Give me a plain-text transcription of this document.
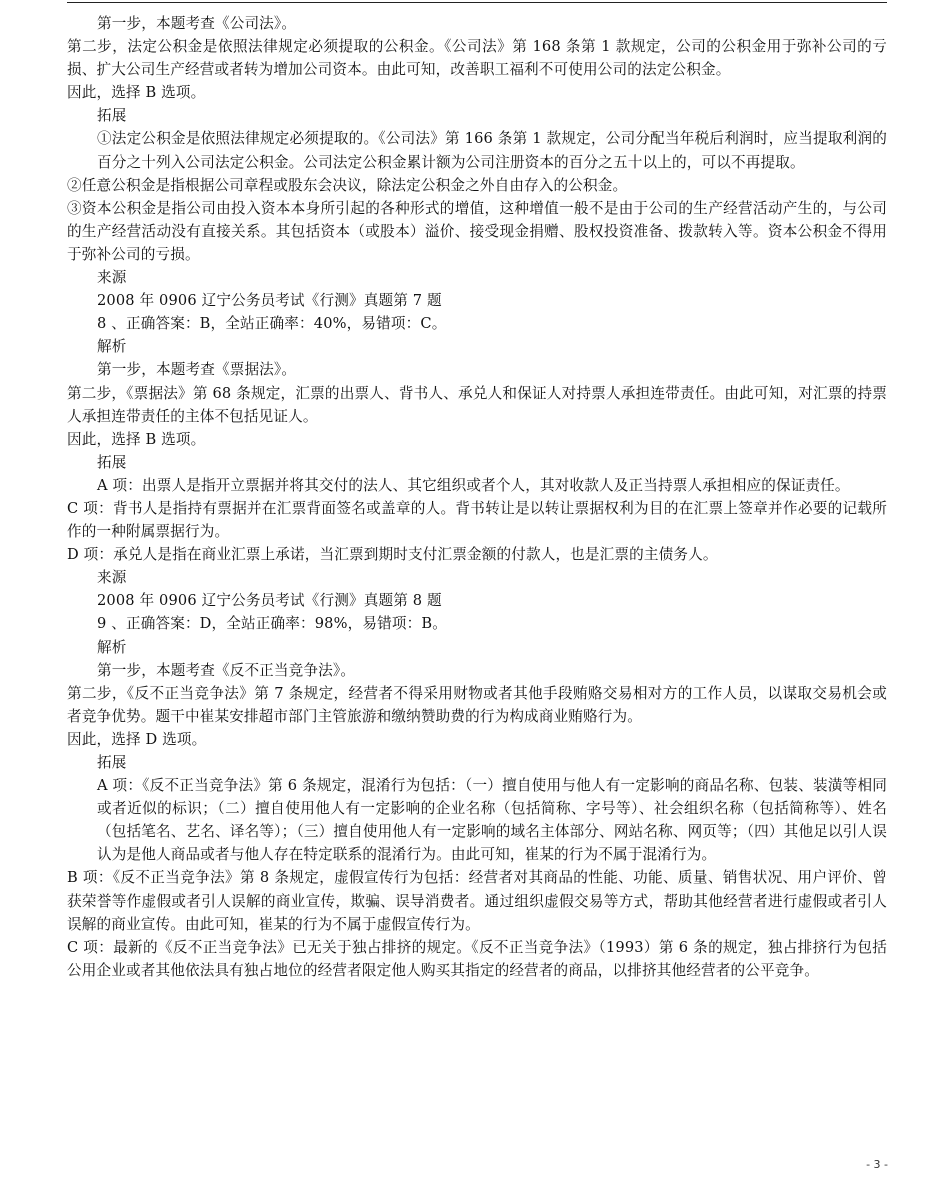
第一步，本题考查《公司法》。

第二步，法定公积金是依照法律规定必须提取的公积金。《公司法》第 168 条第 1 款规定，公司的公积金用于弥补公司的亏损、扩大公司生产经营或者转为增加公司资本。由此可知，改善职工福利不可使用公司的法定公积金。

因此，选择 B 选项。

拓展

①法定公积金是依照法律规定必须提取的。《公司法》第 166 条第 1 款规定，公司分配当年税后利润时，应当提取利润的百分之十列入公司法定公积金。公司法定公积金累计额为公司注册资本的百分之五十以上的，可以不再提取。

②任意公积金是指根据公司章程或股东会决议，除法定公积金之外自由存入的公积金。

③资本公积金是指公司由投入资本本身所引起的各种形式的增值，这种增值一般不是由于公司的生产经营活动产生的，与公司的生产经营活动没有直接关系。其包括资本（或股本）溢价、接受现金捐赠、股权投资准备、拨款转入等。资本公积金不得用于弥补公司的亏损。

来源

2008 年 0906 辽宁公务员考试《行测》真题第 7 题

8 、正确答案：B，全站正确率：40%，易错项：C。

解析

第一步，本题考查《票据法》。

第二步，《票据法》第 68 条规定，汇票的出票人、背书人、承兑人和保证人对持票人承担连带责任。由此可知，对汇票的持票人承担连带责任的主体不包括见证人。

因此，选择 B 选项。

拓展

A 项：出票人是指开立票据并将其交付的法人、其它组织或者个人，其对收款人及正当持票人承担相应的保证责任。

C 项：背书人是指持有票据并在汇票背面签名或盖章的人。背书转让是以转让票据权利为目的在汇票上签章并作必要的记载所作的一种附属票据行为。

D 项：承兑人是指在商业汇票上承诺，当汇票到期时支付汇票金额的付款人，也是汇票的主债务人。

来源

2008 年 0906 辽宁公务员考试《行测》真题第 8 题

9 、正确答案：D，全站正确率：98%，易错项：B。

解析

第一步，本题考查《反不正当竞争法》。

第二步，《反不正当竞争法》第 7 条规定，经营者不得采用财物或者其他手段贿赂交易相对方的工作人员，以谋取交易机会或者竞争优势。题干中崔某安排超市部门主管旅游和缴纳赞助费的行为构成商业贿赂行为。

因此，选择 D 选项。

拓展

A 项：《反不正当竞争法》第 6 条规定，混淆行为包括：（一）擅自使用与他人有一定影响的商品名称、包装、装潢等相同或者近似的标识；（二）擅自使用他人有一定影响的企业名称（包括简称、字号等）、社会组织名称（包括简称等）、姓名（包括笔名、艺名、译名等）；（三）擅自使用他人有一定影响的域名主体部分、网站名称、网页等；（四）其他足以引人误认为是他人商品或者与他人存在特定联系的混淆行为。由此可知，崔某的行为不属于混淆行为。

B 项：《反不正当竞争法》第 8 条规定，虚假宣传行为包括：经营者对其商品的性能、功能、质量、销售状况、用户评价、曾获荣誉等作虚假或者引人误解的商业宣传，欺骗、误导消费者。通过组织虚假交易等方式，帮助其他经营者进行虚假或者引人误解的商业宣传。由此可知，崔某的行为不属于虚假宣传行为。

C 项：最新的《反不正当竞争法》已无关于独占排挤的规定。《反不正当竞争法》（1993）第 6 条的规定，独占排挤行为包括公用企业或者其他依法具有独占地位的经营者限定他人购买其指定的经营者的商品，以排挤其他经营者的公平竞争。

- 3 -
